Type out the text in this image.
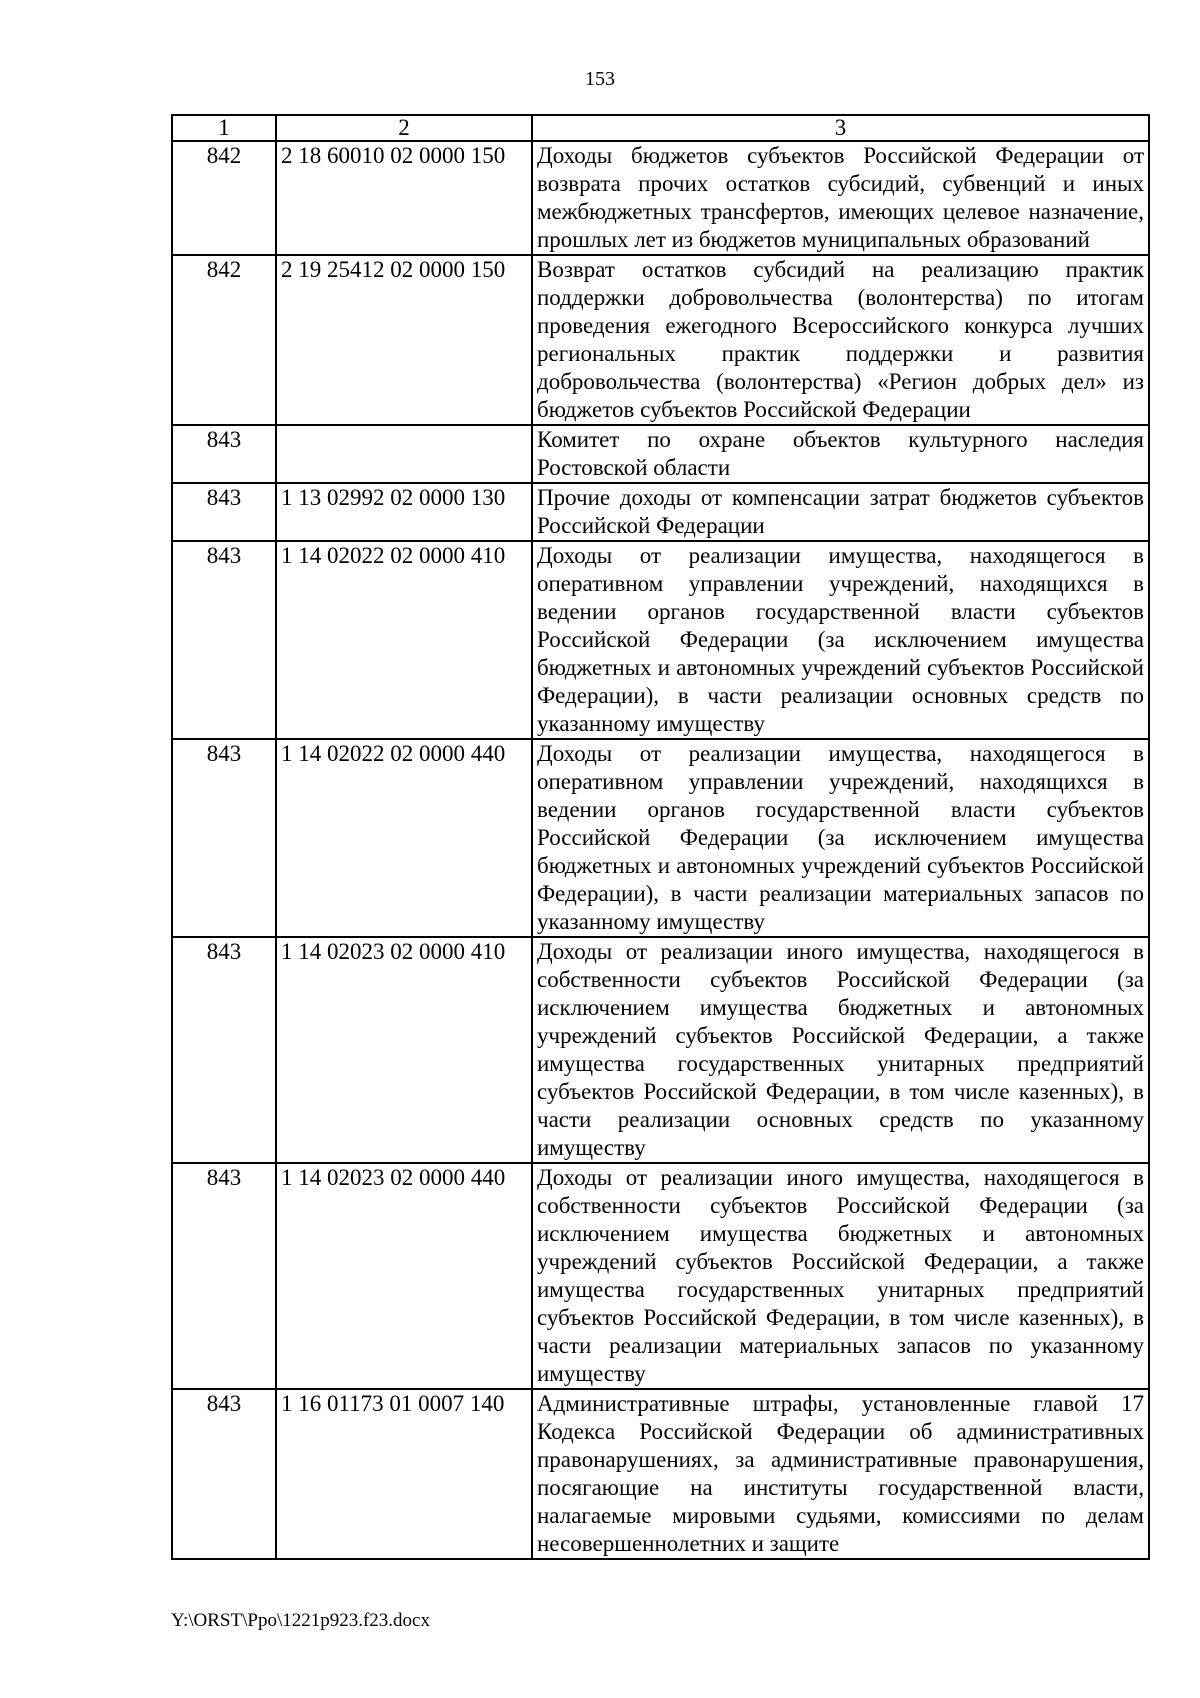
153
1	2	3
842	2 18 60010 02 0000 150	Доходы бюджетов субъектов Российской Федерации от возврата прочих остатков субсидий, субвенций и иных межбюджетных трансфертов, имеющих целевое назначение, прошлых лет из бюджетов муниципальных образований
842	2 19 25412 02 0000 150	Возврат остатков субсидий на реализацию практик поддержки добровольчества (волонтерства) по итогам проведения ежегодного Всероссийского конкурса лучших региональных практик поддержки и развития добровольчества (волонтерства) «Регион добрых дел» из бюджетов субъектов Российской Федерации
843		Комитет по охране объектов культурного наследия Ростовской области
843	1 13 02992 02 0000 130	Прочие доходы от компенсации затрат бюджетов субъектов Российской Федерации
843	1 14 02022 02 0000 410	Доходы от реализации имущества, находящегося в оперативном управлении учреждений, находящихся в ведении органов государственной власти субъектов Российской Федерации (за исключением имущества бюджетных и автономных учреждений субъектов Российской Федерации), в части реализации основных средств по указанному имуществу
843	1 14 02022 02 0000 440	Доходы от реализации имущества, находящегося в оперативном управлении учреждений, находящихся в ведении органов государственной власти субъектов Российской Федерации (за исключением имущества бюджетных и автономных учреждений субъектов Российской Федерации), в части реализации материальных запасов по указанному имуществу
843	1 14 02023 02 0000 410	Доходы от реализации иного имущества, находящегося в собственности субъектов Российской Федерации (за исключением имущества бюджетных и автономных учреждений субъектов Российской Федерации, а также имущества государственных унитарных предприятий субъектов Российской Федерации, в том числе казенных), в части реализации основных средств по указанному имуществу
843	1 14 02023 02 0000 440	Доходы от реализации иного имущества, находящегося в собственности субъектов Российской Федерации (за исключением имущества бюджетных и автономных учреждений субъектов Российской Федерации, а также имущества государственных унитарных предприятий субъектов Российской Федерации, в том числе казенных), в части реализации материальных запасов по указанному имуществу
843	1 16 01173 01 0007 140	Административные штрафы, установленные главой 17 Кодекса Российской Федерации об административных правонарушениях, за административные правонарушения, посягающие на институты государственной власти, налагаемые мировыми судьями, комиссиями по делам несовершеннолетних и защите
Y:\ORST\Ppo\1221p923.f23.docx
